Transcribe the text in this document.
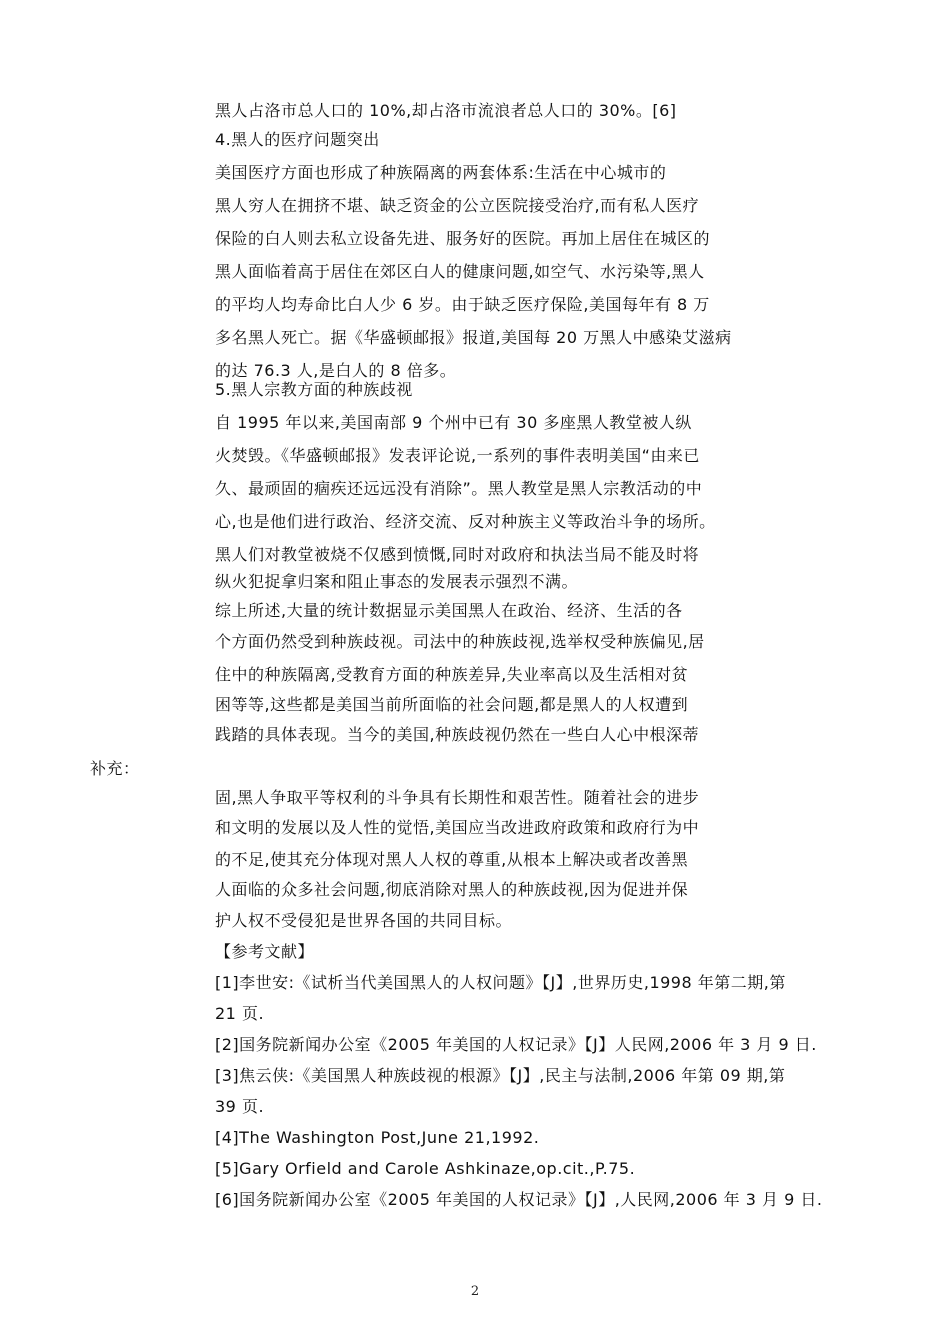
黑人占洛市总人口的 10%,却占洛市流浪者总人口的 30%。[6]
4.黑人的医疗问题突出
美国医疗方面也形成了种族隔离的两套体系:生活在中心城市的
黑人穷人在拥挤不堪、缺乏资金的公立医院接受治疗,而有私人医疗
保险的白人则去私立设备先进、服务好的医院。再加上居住在城区的
黑人面临着高于居住在郊区白人的健康问题,如空气、水污染等,黑人
的平均人均寿命比白人少 6 岁。由于缺乏医疗保险,美国每年有 8 万
多名黑人死亡。据《华盛顿邮报》报道,美国每 20 万黑人中感染艾滋病
的达 76.3 人,是白人的 8 倍多。
5.黑人宗教方面的种族歧视
自 1995 年以来,美国南部 9 个州中已有 30 多座黑人教堂被人纵
火焚毁。《华盛顿邮报》发表评论说,一系列的事件表明美国“由来已
久、最顽固的痼疾还远远没有消除”。黑人教堂是黑人宗教活动的中
心,也是他们进行政治、经济交流、反对种族主义等政治斗争的场所。
黑人们对教堂被烧不仅感到愤慨,同时对政府和执法当局不能及时将
纵火犯捉拿归案和阻止事态的发展表示强烈不满。
综上所述,大量的统计数据显示美国黑人在政治、经济、生活的各
个方面仍然受到种族歧视。司法中的种族歧视,选举权受种族偏见,居
住中的种族隔离,受教育方面的种族差异,失业率高以及生活相对贫
困等等,这些都是美国当前所面临的社会问题,都是黑人的人权遭到
践踏的具体表现。当今的美国,种族歧视仍然在一些白人心中根深蒂
补充：
固,黑人争取平等权利的斗争具有长期性和艰苦性。随着社会的进步
和文明的发展以及人性的觉悟,美国应当改进政府政策和政府行为中
的不足,使其充分体现对黑人人权的尊重,从根本上解决或者改善黑
人面临的众多社会问题,彻底消除对黑人的种族歧视,因为促进并保
护人权不受侵犯是世界各国的共同目标。
【参考文献】
[1]李世安:《试析当代美国黑人的人权问题》【J】,世界历史,1998 年第二期,第
21 页.
[2]国务院新闻办公室《2005 年美国的人权记录》【J】人民网,2006 年 3 月 9 日.
[3]焦云侠:《美国黑人种族歧视的根源》【J】,民主与法制,2006 年第 09 期,第
39 页.
[4]The Washington Post,June 21,1992.
[5]Gary Orfield and Carole Ashkinaze,op.cit.,P.75.
[6]国务院新闻办公室《2005 年美国的人权记录》【J】,人民网,2006 年 3 月 9 日.
2
